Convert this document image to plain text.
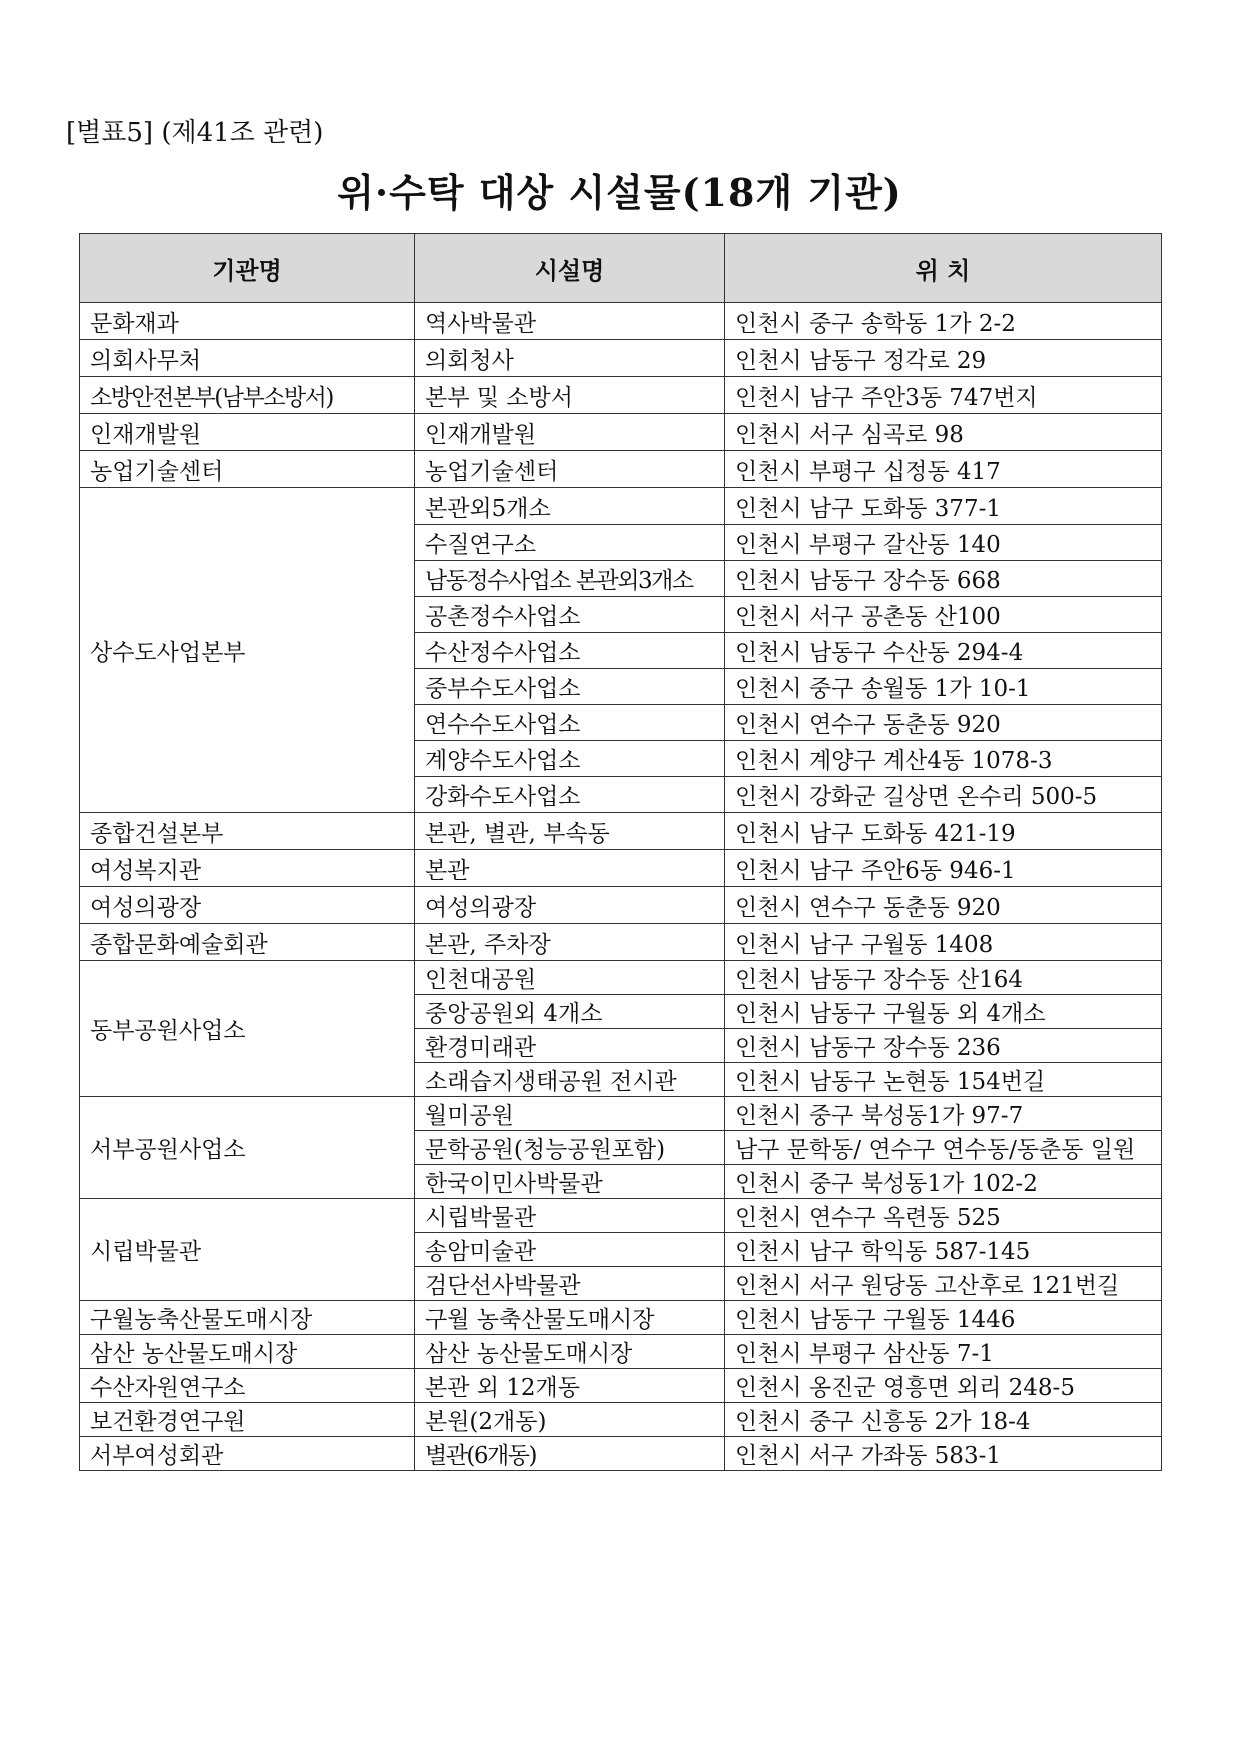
[별표5] (제41조 관련)
위·수탁 대상 시설물(18개 기관)
기관명	시설명	위 치
문화재과	역사박물관	인천시 중구 송학동 1가 2-2
의회사무처	의회청사	인천시 남동구 정각로 29
소방안전본부(남부소방서)	본부 및 소방서	인천시 남구 주안3동 747번지
인재개발원	인재개발원	인천시 서구 심곡로 98
농업기술센터	농업기술센터	인천시 부평구 십정동 417
상수도사업본부	본관외5개소	인천시 남구 도화동 377-1
	수질연구소	인천시 부평구 갈산동 140
	남동정수사업소 본관외3개소	인천시 남동구 장수동 668
	공촌정수사업소	인천시 서구 공촌동 산100
	수산정수사업소	인천시 남동구 수산동 294-4
	중부수도사업소	인천시 중구 송월동 1가 10-1
	연수수도사업소	인천시 연수구 동춘동 920
	계양수도사업소	인천시 계양구 계산4동 1078-3
	강화수도사업소	인천시 강화군 길상면 온수리 500-5
종합건설본부	본관, 별관, 부속동	인천시 남구 도화동 421-19
여성복지관	본관	인천시 남구 주안6동 946-1
여성의광장	여성의광장	인천시 연수구 동춘동 920
종합문화예술회관	본관, 주차장	인천시 남구 구월동 1408
동부공원사업소	인천대공원	인천시 남동구 장수동 산164
	중앙공원외 4개소	인천시 남동구 구월동 외 4개소
	환경미래관	인천시 남동구 장수동 236
	소래습지생태공원 전시관	인천시 남동구 논현동 154번길
서부공원사업소	월미공원	인천시 중구 북성동1가 97-7
	문학공원(청능공원포함)	남구 문학동/ 연수구 연수동/동춘동 일원
	한국이민사박물관	인천시 중구 북성동1가 102-2
시립박물관	시립박물관	인천시 연수구 옥련동 525
	송암미술관	인천시 남구 학익동 587-145
	검단선사박물관	인천시 서구 원당동 고산후로 121번길
구월농축산물도매시장	구월 농축산물도매시장	인천시 남동구 구월동 1446
삼산 농산물도매시장	삼산 농산물도매시장	인천시 부평구 삼산동 7-1
수산자원연구소	본관 외 12개동	인천시 옹진군 영흥면 외리 248-5
보건환경연구원	본원(2개동)	인천시 중구 신흥동 2가 18-4
서부여성회관	별관(6개동)	인천시 서구 가좌동 583-1
